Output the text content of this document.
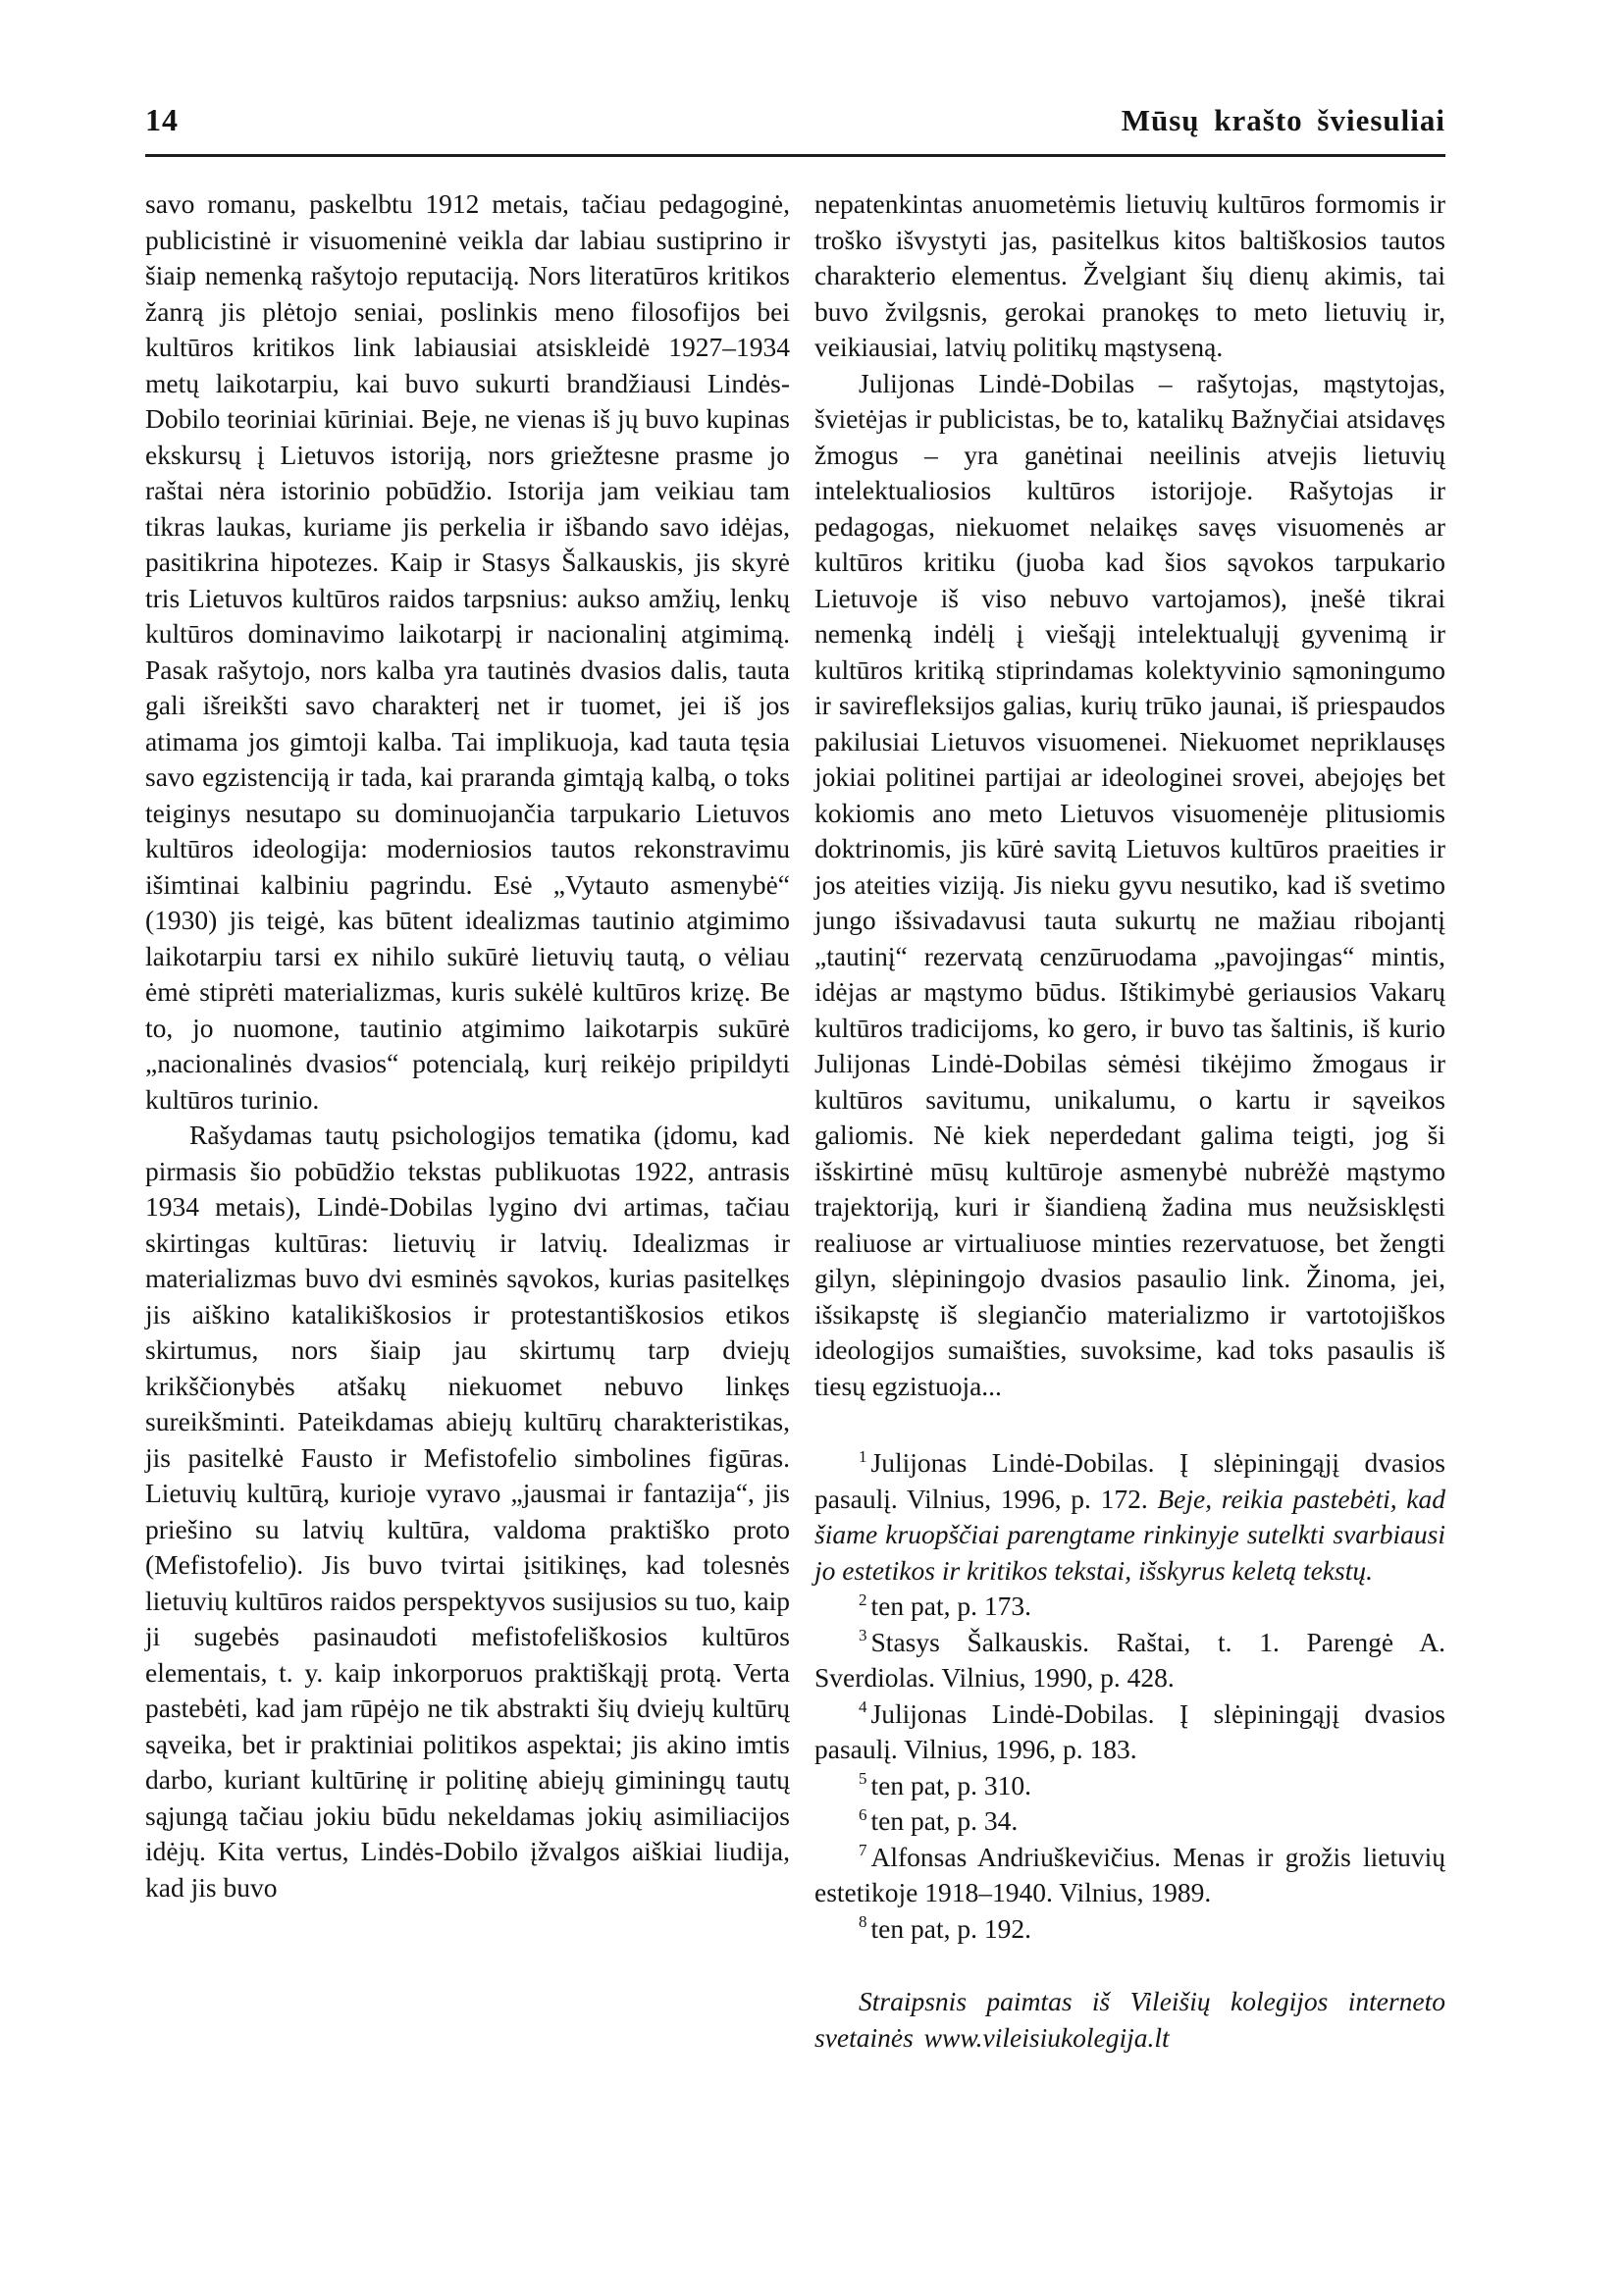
14	Mūsų krašto šviesuliai

savo romanu, paskelbtu 1912 metais, tačiau pedagoginė, publicistinė ir visuomeninė veikla dar labiau sustiprino ir šiaip nemenką rašytojo reputaciją. Nors literatūros kritikos žanrą jis plėtojo seniai, poslinkis meno filosofijos bei kultūros kritikos link labiausiai atsiskleidė 1927–1934 metų laikotarpiu, kai buvo sukurti brandžiausi Lindės-Dobilo teoriniai kūriniai. Beje, ne vienas iš jų buvo kupinas ekskursų į Lietuvos istoriją, nors griežtesne prasme jo raštai nėra istorinio pobūdžio. Istorija jam veikiau tam tikras laukas, kuriame jis perkelia ir išbando savo idėjas, pasitikrina hipotezes. Kaip ir Stasys Šalkauskis, jis skyrė tris Lietuvos kultūros raidos tarpsnius: aukso amžių, lenkų kultūros dominavimo laikotarpį ir nacionalinį atgimimą. Pasak rašytojo, nors kalba yra tautinės dvasios dalis, tauta gali išreikšti savo charakterį net ir tuomet, jei iš jos atimama jos gimtoji kalba. Tai implikuoja, kad tauta tęsia savo egzistenciją ir tada, kai praranda gimtąją kalbą, o toks teiginys nesutapo su dominuojančia tarpukario Lietuvos kultūros ideologija: moderniosios tautos rekonstravimu išimtinai kalbiniu pagrindu. Esė „Vytauto asmenybė“ (1930) jis teigė, kas būtent idealizmas tautinio atgimimo laikotarpiu tarsi ex nihilo sukūrė lietuvių tautą, o vėliau ėmė stiprėti materializmas, kuris sukėlė kultūros krizę. Be to, jo nuomone, tautinio atgimimo laikotarpis sukūrė „nacionalinės dvasios“ potencialą, kurį reikėjo pripildyti kultūros turinio.

Rašydamas tautų psichologijos tematika (įdomu, kad pirmasis šio pobūdžio tekstas publikuotas 1922, antrasis 1934 metais), Lindė-Dobilas lygino dvi artimas, tačiau skirtingas kultūras: lietuvių ir latvių. Idealizmas ir materializmas buvo dvi esminės sąvokos, kurias pasitelkęs jis aiškino katalikiškosios ir protestantiškosios etikos skirtumus, nors šiaip jau skirtumų tarp dviejų krikščionybės atšakų niekuomet nebuvo linkęs sureikšminti. Pateikdamas abiejų kultūrų charakteristikas, jis pasitelkė Fausto ir Mefistofelio simbolines figūras. Lietuvių kultūrą, kurioje vyravo „jausmai ir fantazija“, jis priešino su latvių kultūra, valdoma praktiško proto (Mefistofelio). Jis buvo tvirtai įsitikinęs, kad tolesnės lietuvių kultūros raidos perspektyvos susijusios su tuo, kaip ji sugebės pasinaudoti mefistofeliškosios kultūros elementais, t. y. kaip inkorporuos praktiškąjį protą. Verta pastebėti, kad jam rūpėjo ne tik abstrakti šių dviejų kultūrų sąveika, bet ir praktiniai politikos aspektai; jis akino imtis darbo, kuriant kultūrinę ir politinę abiejų giminingų tautų sąjungą tačiau jokiu būdu nekeldamas jokių asimiliacijos idėjų. Kita vertus, Lindės-Dobilo įžvalgos aiškiai liudija, kad jis buvo

nepatenkintas anuometėmis lietuvių kultūros formomis ir troško išvystyti jas, pasitelkus kitos baltiškosios tautos charakterio elementus. Žvelgiant šių dienų akimis, tai buvo žvilgsnis, gerokai pranokęs to meto lietuvių ir, veikiausiai, latvių politikų mąstyseną.

Julijonas Lindė-Dobilas – rašytojas, mąstytojas, švietėjas ir publicistas, be to, katalikų Bažnyčiai atsidavęs žmogus – yra ganėtinai neeilinis atvejis lietuvių intelektualiosios kultūros istorijoje. Rašytojas ir pedagogas, niekuomet nelaikęs savęs visuomenės ar kultūros kritiku (juoba kad šios sąvokos tarpukario Lietuvoje iš viso nebuvo vartojamos), įnešė tikrai nemenką indėlį į viešąjį intelektualųjį gyvenimą ir kultūros kritiką stiprindamas kolektyvinio sąmoningumo ir savirefleksijos galias, kurių trūko jaunai, iš priespaudos pakilusiai Lietuvos visuomenei. Niekuomet nepriklausęs jokiai politinei partijai ar ideologinei srovei, abejojęs bet kokiomis ano meto Lietuvos visuomenėje plitusiomis doktrinomis, jis kūrė savitą Lietuvos kultūros praeities ir jos ateities viziją. Jis nieku gyvu nesutiko, kad iš svetimo jungo išsivadavusi tauta sukurtų ne mažiau ribojantį „tautinį“ rezervatą cenzūruodama „pavojingas“ mintis, idėjas ar mąstymo būdus. Ištikimybė geriausios Vakarų kultūros tradicijoms, ko gero, ir buvo tas šaltinis, iš kurio Julijonas Lindė-Dobilas sėmėsi tikėjimo žmogaus ir kultūros savitumu, unikalumu, o kartu ir sąveikos galiomis. Nė kiek neperdedant galima teigti, jog ši išskirtinė mūsų kultūroje asmenybė nubrėžė mąstymo trajektoriją, kuri ir šiandieną žadina mus neužsisklęsti realiuose ar virtualiuose minties rezervatuose, bet žengti gilyn, slėpiningojo dvasios pasaulio link. Žinoma, jei, išsikapstę iš slegiančio materializmo ir vartotojiškos ideologijos sumaišties, suvoksime, kad toks pasaulis iš tiesų egzistuoja...

$^1$ Julijonas Lindė-Dobilas. Į slėpiningąjį dvasios pasaulį. Vilnius, 1996, p. 172. Beje, reikia pastebėti, kad šiame kruopščiai parengtame rinkinyje sutelkti svarbiausi jo estetikos ir kritikos tekstai, išskyrus keletą tekstų.

$^2$ ten pat, p. 173.

$^3$ Stasys Šalkauskis. Raštai, t. 1. Parengė A. Sverdiolas. Vilnius, 1990, p. 428.

$^4$ Julijonas Lindė-Dobilas. Į slėpiningąjį dvasios pasaulį. Vilnius, 1996, p. 183.

$^5$ ten pat, p. 310.

$^6$ ten pat, p. 34.

$^7$ Alfonsas Andriuškevičius. Menas ir grožis lietuvių estetikoje 1918–1940. Vilnius, 1989.

$^8$ ten pat, p. 192.

Straipsnis paimtas iš Vileišių kolegijos interneto svetainės www.vileisiukolegija.lt
